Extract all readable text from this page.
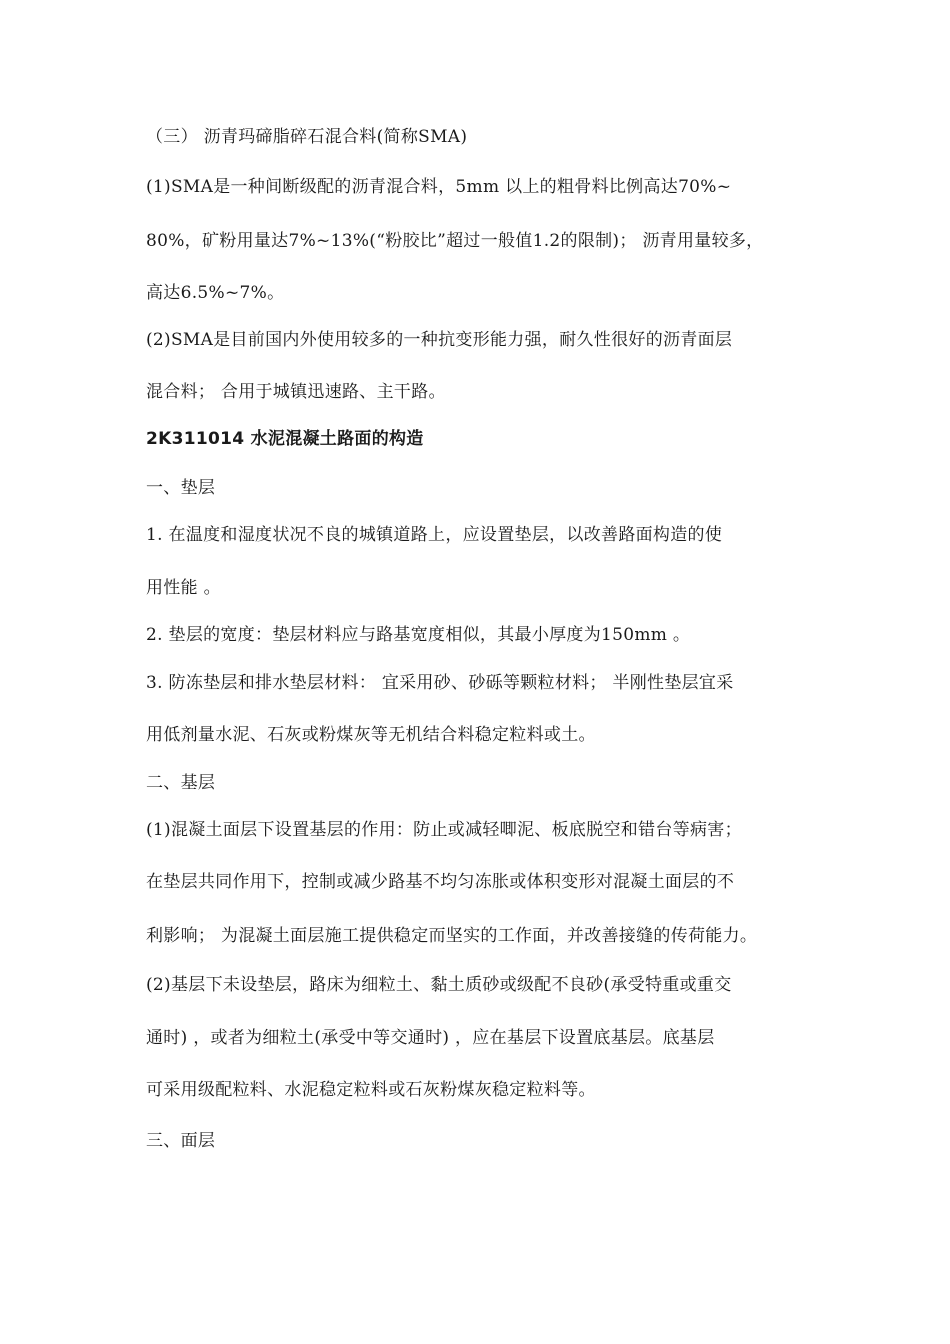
（三） 沥青玛碲脂碎石混合料(简称SMA)
(1)SMA是一种间断级配的沥青混合料，5mm 以上的粗骨料比例高达70%~
80%，矿粉用量达7%~13%(“粉胶比”超过一般值1.2的限制)； 沥青用量较多，
高达6.5%~7%。
(2)SMA是目前国内外使用较多的一种抗变形能力强，耐久性很好的沥青面层
混合料； 合用于城镇迅速路、主干路。
2K311014 水泥混凝土路面的构造
一、垫层
1. 在温度和湿度状况不良的城镇道路上，应设置垫层，以改善路面构造的使
用性能 。
2. 垫层的宽度：垫层材料应与路基宽度相似，其最小厚度为150mm 。
3. 防冻垫层和排水垫层材料： 宜采用砂、砂砾等颗粒材料； 半刚性垫层宜采
用低剂量水泥、石灰或粉煤灰等无机结合料稳定粒料或土。
二、基层
(1)混凝土面层下设置基层的作用：防止或减轻唧泥、板底脱空和错台等病害；
在垫层共同作用下，控制或减少路基不均匀冻胀或体积变形对混凝土面层的不
利影响； 为混凝土面层施工提供稳定而坚实的工作面，并改善接缝的传荷能力。
(2)基层下未设垫层，路床为细粒土、黏土质砂或级配不良砂(承受特重或重交
通时) ，或者为细粒土(承受中等交通时) ，应在基层下设置底基层。底基层
可采用级配粒料、水泥稳定粒料或石灰粉煤灰稳定粒料等。
三、面层
